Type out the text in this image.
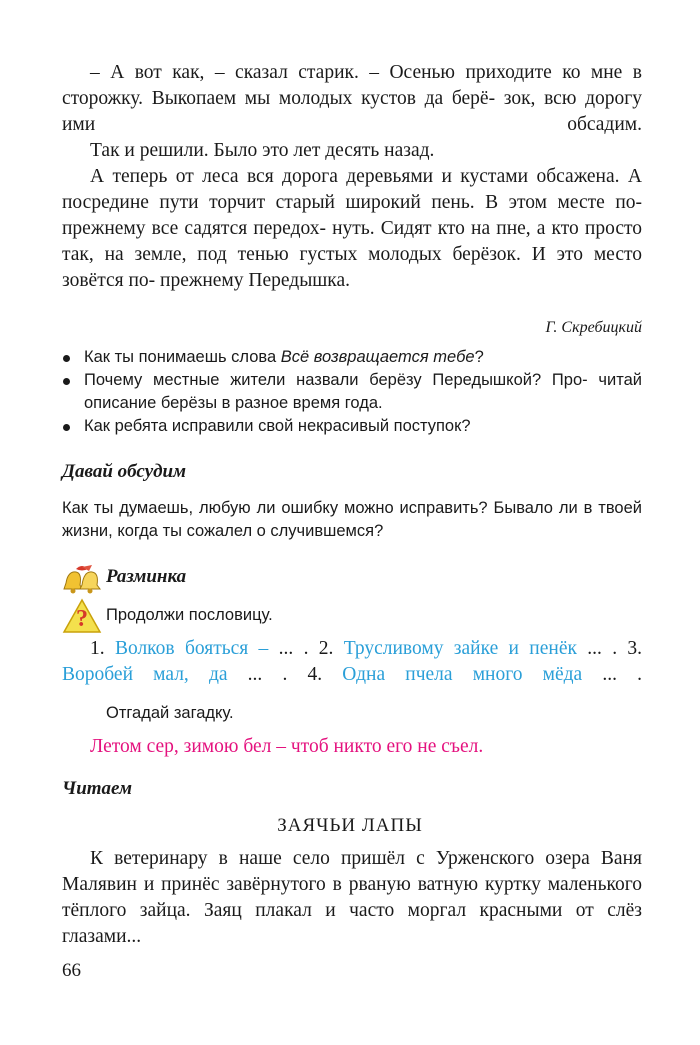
– А вот как, – сказал старик. – Осенью приходите ко мне в сторожку. Выкопаем мы молодых кустов да берё- зок, всю дорогу ими обсадим.

Так и решили. Было это лет десять назад.

А теперь от леса вся дорога деревьями и кустами обсажена. А посредине пути торчит старый широкий пень. В этом месте по-прежнему все садятся передох- нуть. Сидят кто на пне, а кто просто так, на земле, под тенью густых молодых берёзок. И это место зовётся по- прежнему Передышка.

Г. Скребицкий
Как ты понимаешь слова Всё возвращается тебе?
Почему местные жители назвали берёзу Передышкой? Про- читай описание берёзы в разное время года.
Как ребята исправили свой некрасивый поступок?
Давай обсудим

Как ты думаешь, любую ли ошибку можно исправить? Бывало ли в твоей жизни, когда ты сожалел о случившемся?

?
Разминка
Продолжи пословицу.

1. Волков бояться – ... . 2. Трусливому зайке и пенёк ... . 3. Воробей мал, да ... . 4. Одна пчела много мёда ... .

Отгадай загадку.
Летом сер, зимою бел – чтоб никто его не съел.
Читаем
ЗАЯЧЬИ ЛАПЫ

К ветеринару в наше село пришёл с Урженского озера Ваня Малявин и принёс завёрнутого в рваную ватную куртку маленького тёплого зайца. Заяц плакал и часто моргал красными от слёз глазами...

66
